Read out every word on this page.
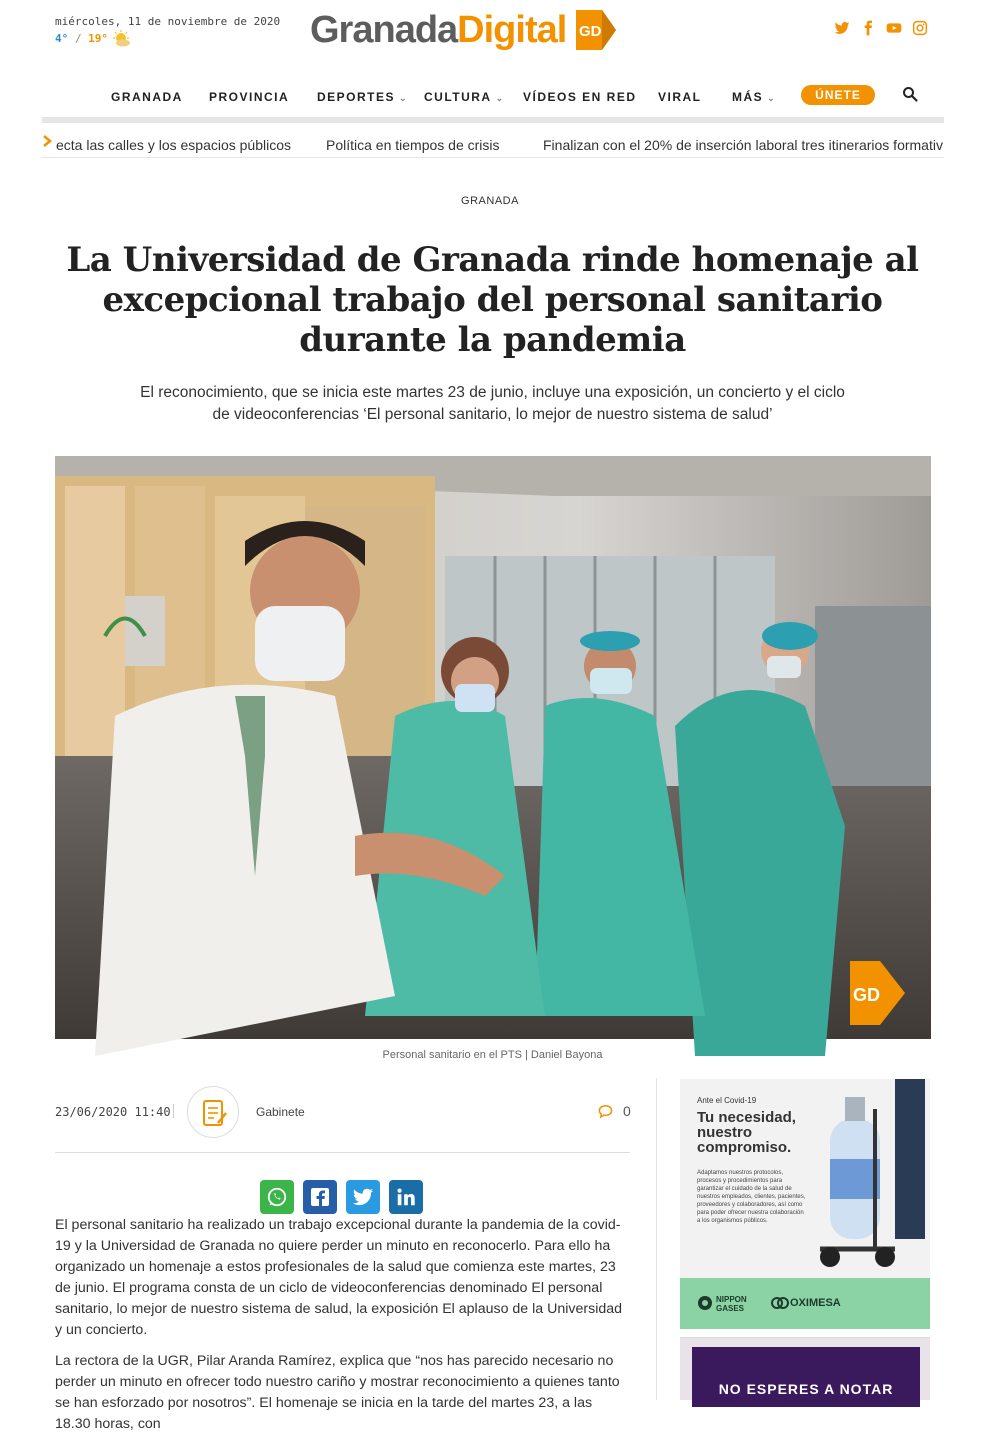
miércoles, 11 de noviembre de 2020
4° / 19°	Granada Digital GD
GRANADA PROVINCIA DEPORTES ⌄ CULTURA ⌄ VÍDEOS EN RED VIRAL	MÁS ⌄	ÚNETE
ecta las calles y los espacios públicos Política en tiempos de crisis	Finalizan con el 20% de inserción laboral tres itinerarios formativ
GRANADA
La Universidad de Granada rinde homenaje al excepcional trabajo del personal sanitario durante la pandemia
El reconocimiento, que se inicia este martes 23 de junio, incluye una exposición, un concierto y el ciclo de videoconferencias ‘El personal sanitario, lo mejor de nuestro sistema de salud’
GD
Personal sanitario en el PTS | Daniel Bayona
23/06/2020 11:40	Gabinete	0

El personal sanitario ha realizado un trabajo excepcional durante la pandemia de la covid-19 y la Universidad de Granada no quiere perder un minuto en reconocerlo. Para ello ha organizado un homenaje a estos profesionales de la salud que comienza este martes, 23 de junio. El programa consta de un ciclo de videoconferencias denominado El personal sanitario, lo mejor de nuestro sistema de salud, la exposición El aplauso de la Universidad y un concierto.

La rectora de la UGR, Pilar Aranda Ramírez, explica que “nos has parecido necesario no perder un minuto en ofrecer todo nuestro cariño y mostrar reconocimiento a quienes tanto se han esforzado por nosotros”. El homenaje se inicia en la tarde del martes 23, a las 18.30 horas, con

Ante el Covid-19
Tu necesidad, nuestro compromiso.
Adaptamos nuestros protocolos, procesos y procedimientos para garantizar el cuidado de la salud de nuestros empleados, clientes, pacientes, proveedores y colaboradores, así como para poder ofrecer nuestra colaboración a los organismos públicos.
NIPPON GASES	OXIMESA
NO ESPERES A NOTAR
